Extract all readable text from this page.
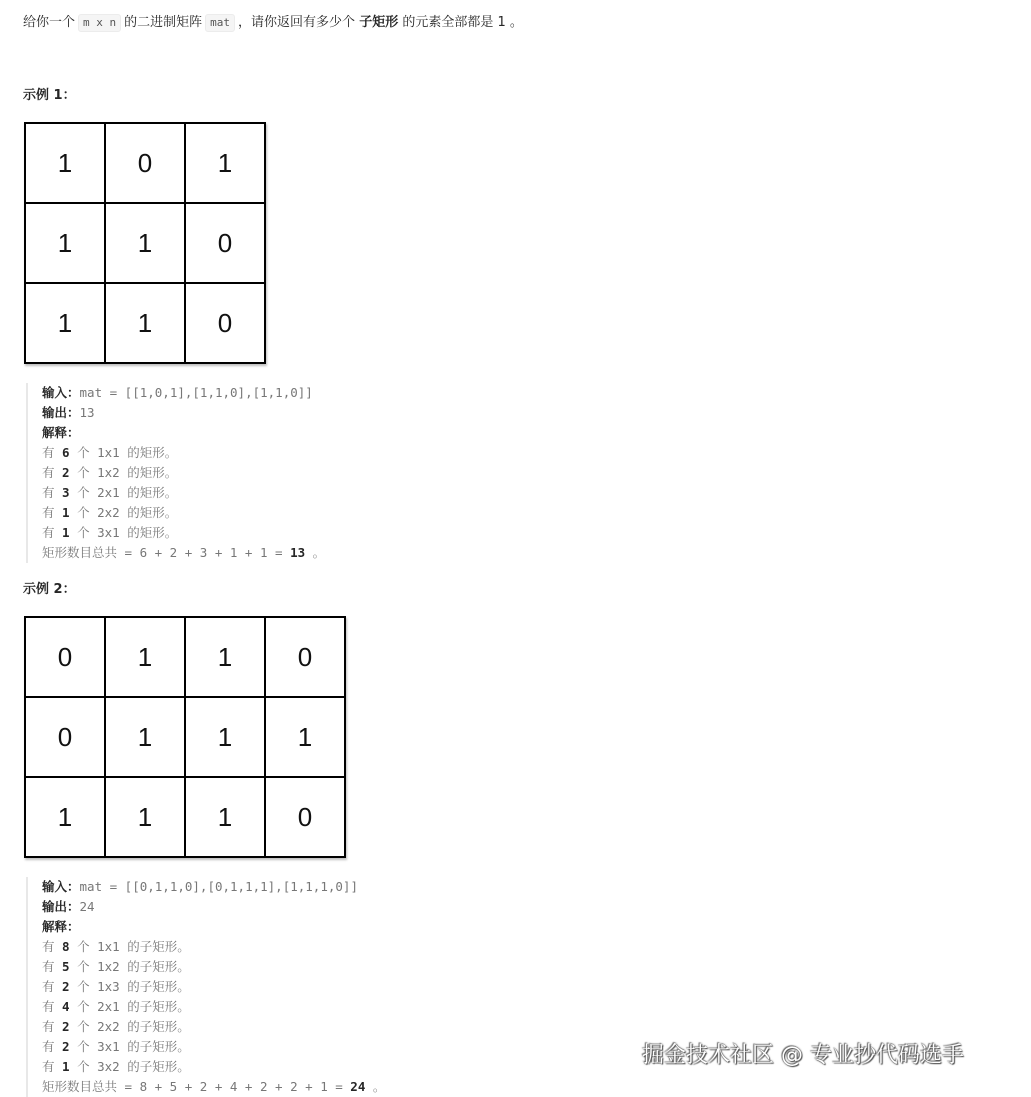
给你一个 m x n 的二进制矩阵 mat ，请你返回有多少个 子矩形 的元素全部都是 1 。
示例 1：
1	0	1
1	1	0
1	1	0
输入：mat = [[1,0,1],[1,1,0],[1,1,0]]
输出：13
解释：
有 6 个 1x1 的矩形。
有 2 个 1x2 的矩形。
有 3 个 2x1 的矩形。
有 1 个 2x2 的矩形。
有 1 个 3x1 的矩形。
矩形数目总共 = 6 + 2 + 3 + 1 + 1 = 13 。
示例 2：
0	1	1	0
0	1	1	1
1	1	1	0
输入：mat = [[0,1,1,0],[0,1,1,1],[1,1,1,0]]
输出：24
解释：
有 8 个 1x1 的子矩形。
有 5 个 1x2 的子矩形。
有 2 个 1x3 的子矩形。
有 4 个 2x1 的子矩形。
有 2 个 2x2 的子矩形。
有 2 个 3x1 的子矩形。
有 1 个 3x2 的子矩形。
矩形数目总共 = 8 + 5 + 2 + 4 + 2 + 2 + 1 = 24 。
掘金技术社区 @ 专业抄代码选手
